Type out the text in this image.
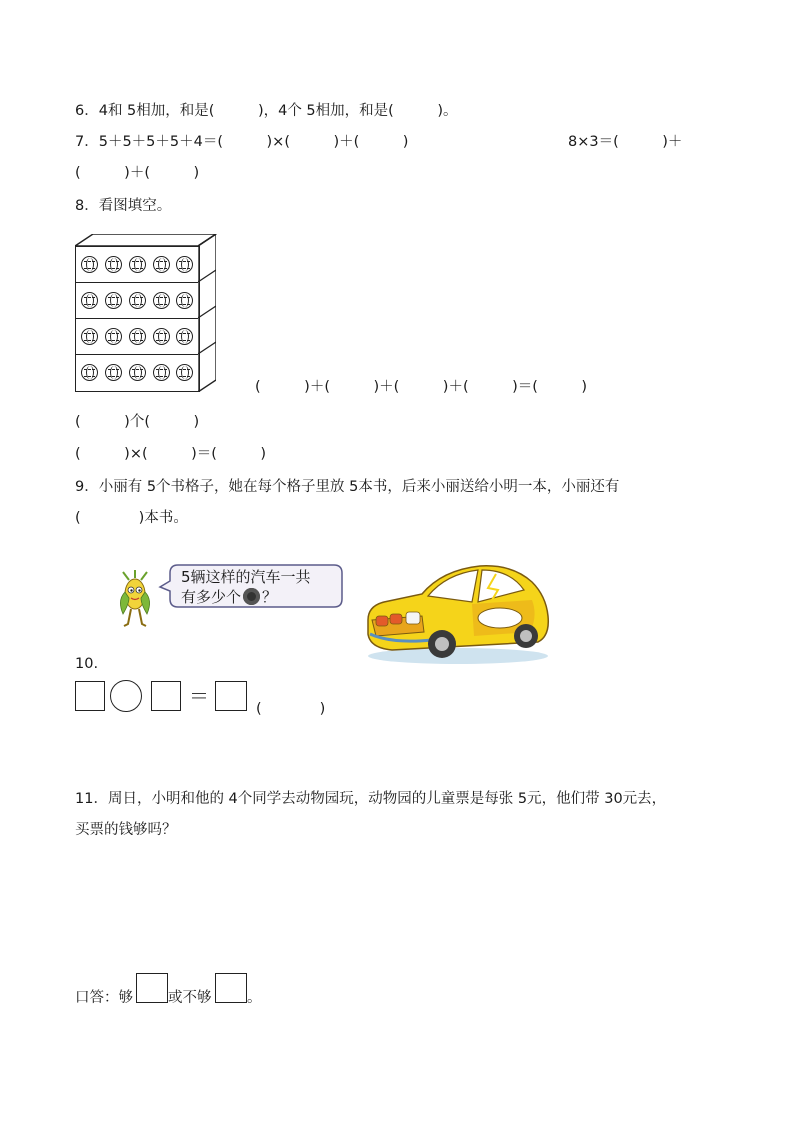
6．4和 5相加，和是(　　　)，4个 5相加，和是(　　　)。
7．5＋5＋5＋5＋4＝(　　　)×(　　　)＋(　　　)	8×3＝(　　　)＋
(　　　)＋(　　　)
8．看图填空。
(　　　)＋(　　　)＋(　　　)＋(　　　)＝(　　　)
(　　　)个(　　　)
(　　　)×(　　　)＝(　　　)
9．小丽有 5个书格子，她在每个格子里放 5本书，后来小丽送给小明一本，小丽还有
(　　　　)本书。
5辆这样的汽车一共
有多少个 ？
10.
＝
(　　　　)
11．周日，小明和他的 4个同学去动物园玩，动物园的儿童票是每张 5元，他们带 30元去，
买票的钱够吗？
口答：够 或不够 。
